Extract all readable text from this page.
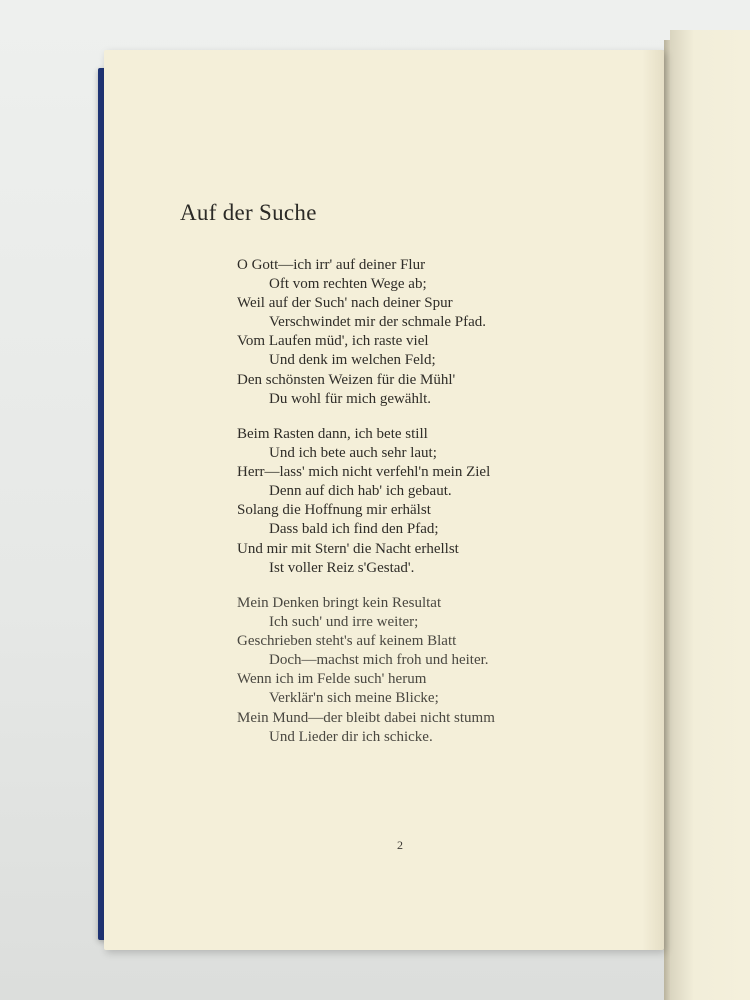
Auf der Suche
O Gott—ich irr' auf deiner Flur
Oft vom rechten Wege ab;
Weil auf der Such' nach deiner Spur
Verschwindet mir der schmale Pfad.
Vom Laufen müd', ich raste viel
Und denk im welchen Feld;
Den schönsten Weizen für die Mühl'
Du wohl für mich gewählt.
Beim Rasten dann, ich bete still
Und ich bete auch sehr laut;
Herr—lass' mich nicht verfehl'n mein Ziel
Denn auf dich hab' ich gebaut.
Solang die Hoffnung mir erhälst
Dass bald ich find den Pfad;
Und mir mit Stern' die Nacht erhellst
Ist voller Reiz s'Gestad'.
Mein Denken bringt kein Resultat
Ich such' und irre weiter;
Geschrieben steht's auf keinem Blatt
Doch—machst mich froh und heiter.
Wenn ich im Felde such' herum
Verklär'n sich meine Blicke;
Mein Mund—der bleibt dabei nicht stumm
Und Lieder dir ich schicke.
2
